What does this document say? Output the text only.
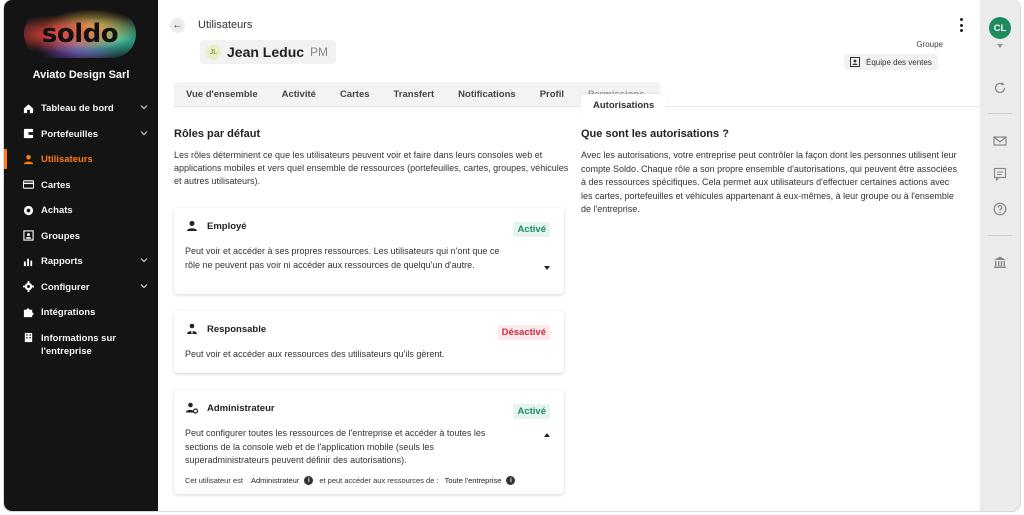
soldo
Aviato Design Sarl
Tableau de bord
Portefeuilles
Utilisateurs
Cartes
Achats
Groupes
Rapports
Configurer
Intégrations
Informations sur l'entreprise
← Utilisateurs
JL Jean Leduc PM
Groupe
Équipe des ventes
Vue d'ensemble	Activité	Cartes	Transfert	Notifications	Profil
Autorisations
Rôles par défaut
Les rôles déterminent ce que les utilisateurs peuvent voir et faire dans leurs consoles web et applications mobiles et vers quel ensemble de ressources (portefeuilles, cartes, groupes, véhicules et autres utilisateurs).
Employé	Activé
Peut voir et accéder à ses propres ressources. Les utilisateurs qui n'ont que ce rôle ne peuvent pas voir ni accéder aux ressources de quelqu'un d'autre.
Responsable	Désactivé
Peut voir et accéder aux ressources des utilisateurs qu'ils gèrent.
Administrateur	Activé
Peut configurer toutes les ressources de l'entreprise et accéder à toutes les sections de la console web et de l'application mobile (seuls les superadministrateurs peuvent définir des autorisations).
Cet utilisateur est Administrateur	i	et peut accéder aux ressources de : Toute l'entreprise	i
Que sont les autorisations ?
Avec les autorisations, votre entreprise peut contrôler la façon dont les personnes utilisent leur compte Soldo. Chaque rôle a son propre ensemble d'autorisations, qui peuvent être associées à des ressources spécifiques. Cela permet aux utilisateurs d'effectuer certaines actions avec les cartes, portefeuilles et véhicules appartenant à eux-mêmes, à leur groupe ou à l'ensemble de l'entreprise.
CL
